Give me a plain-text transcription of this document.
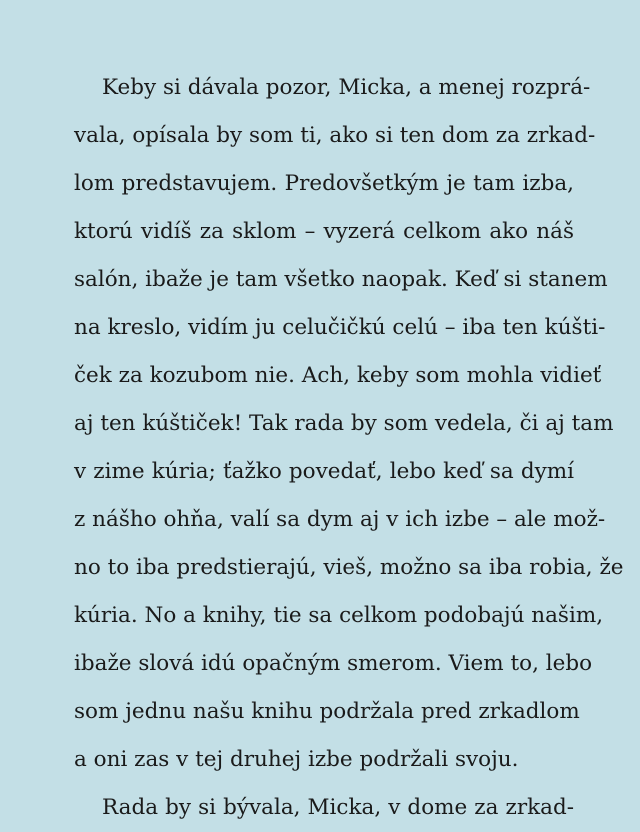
Keby si dávala pozor, Micka, a menej rozprá-
vala, opísala by som ti, ako si ten dom za zrkad-
lom predstavujem. Predovšetkým je tam izba,
ktorú vidíš za sklom – vyzerá celkom ako náš
salón, ibaže je tam všetko naopak. Keď si stanem
na kreslo, vidím ju celučičkú celú – iba ten kúšti-
ček za kozubom nie. Ach, keby som mohla vidieť
aj ten kúštiček! Tak rada by som vedela, či aj tam
v zime kúria; ťažko povedať, lebo keď sa dymí
z nášho ohňa, valí sa dym aj v ich izbe – ale mož-
no to iba predstierajú, vieš, možno sa iba robia, že
kúria. No a knihy, tie sa celkom podobajú našim,
ibaže slová idú opačným smerom. Viem to, lebo
som jednu našu knihu podržala pred zrkadlom
a oni zas v tej druhej izbe podržali svoju.
Rada by si bývala, Micka, v dome za zrkad-
